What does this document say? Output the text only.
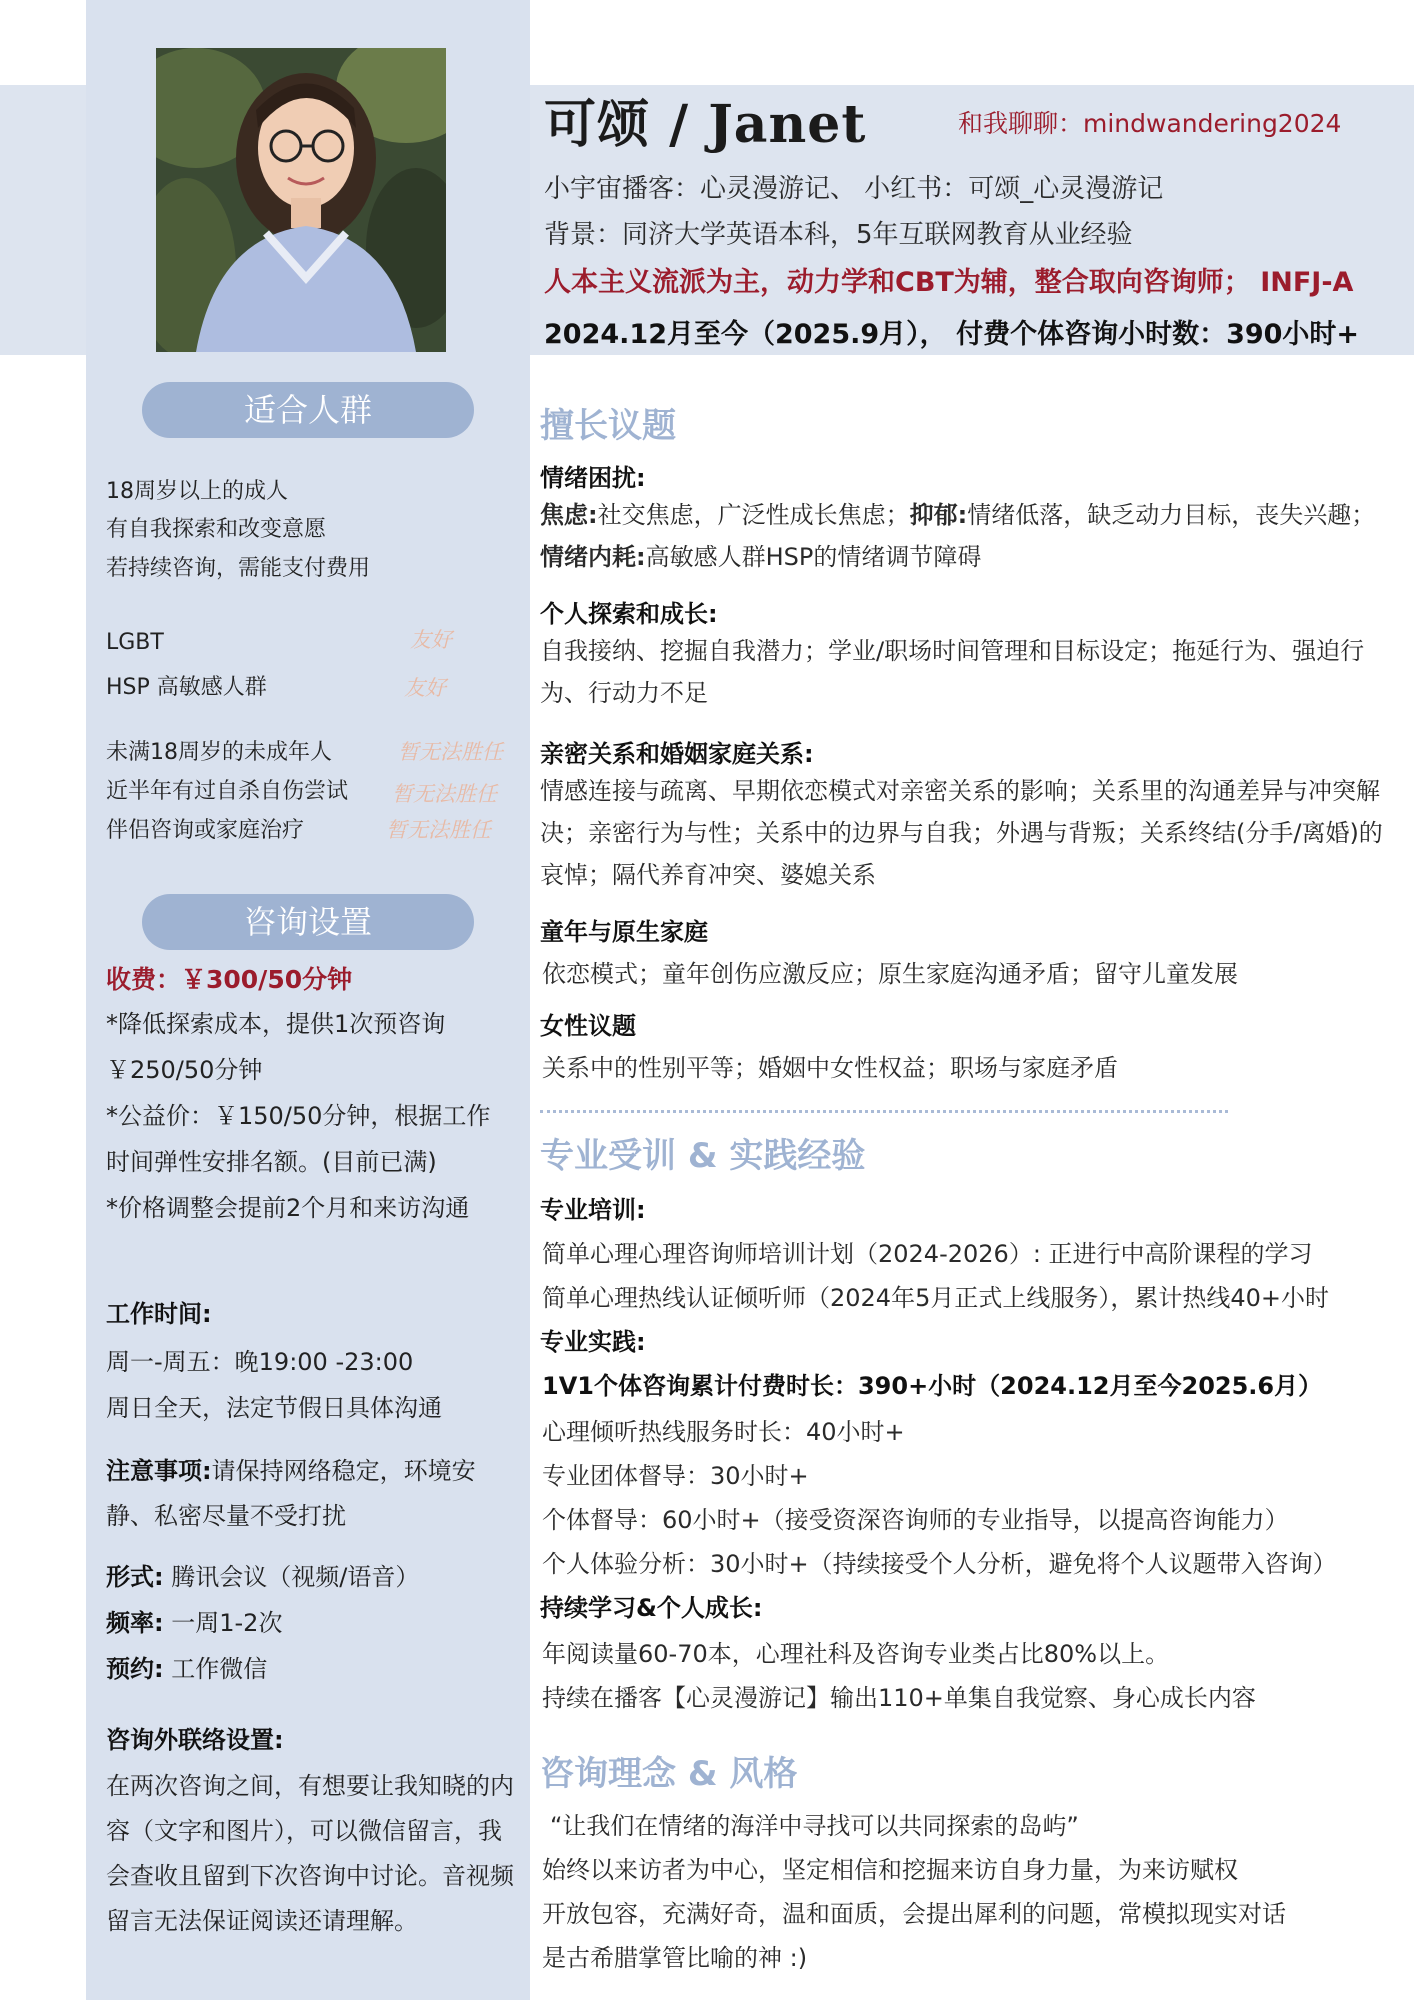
可颂 / Janet	和我聊聊：mindwandering2024
小宇宙播客：心灵漫游记、 小红书：可颂_心灵漫游记
背景：同济大学英语本科，5年互联网教育从业经验
人本主义流派为主，动力学和CBT为辅，整合取向咨询师； INFJ-A
2024.12月至今（2025.9月）， 付费个体咨询小时数：390小时+
适合人群
18周岁以上的成人
有自我探索和改变意愿
若持续咨询，需能支付费用
LGBT	友好
HSP 高敏感人群	友好
未满18周岁的未成年人	暂无法胜任
近半年有过自杀自伤尝试 暂无法胜任
伴侣咨询或家庭治疗	暂无法胜任
咨询设置
收费：￥300/50分钟
*降低探索成本，提供1次预咨询
￥250/50分钟
*公益价：￥150/50分钟，根据工作
时间弹性安排名额。(目前已满)
*价格调整会提前2个月和来访沟通
工作时间:
周一-周五：晚19:00 -23:00
周日全天，法定节假日具体沟通
注意事项:请保持网络稳定，环境安静、私密尽量不受打扰
形式: 腾讯会议（视频/语音）
频率: 一周1-2次
预约: 工作微信
咨询外联络设置:
在两次咨询之间，有想要让我知晓的内容（文字和图片），可以微信留言，我会查收且留到下次咨询中讨论。音视频留言无法保证阅读还请理解。
擅长议题
情绪困扰:
焦虑:社交焦虑，广泛性成长焦虑；抑郁:情绪低落，缺乏动力目标，丧失兴趣；情绪内耗:高敏感人群HSP的情绪调节障碍
个人探索和成长:
自我接纳、挖掘自我潜力；学业/职场时间管理和目标设定；拖延行为、强迫行为、行动力不足
亲密关系和婚姻家庭关系:
情感连接与疏离、早期依恋模式对亲密关系的影响；关系里的沟通差异与冲突解决；亲密行为与性；关系中的边界与自我；外遇与背叛；关系终结(分手/离婚)的哀悼；隔代养育冲突、婆媳关系
童年与原生家庭
依恋模式；童年创伤应激反应；原生家庭沟通矛盾；留守儿童发展
女性议题
关系中的性别平等；婚姻中女性权益；职场与家庭矛盾
专业受训 & 实践经验
专业培训:
简单心理心理咨询师培训计划（2024-2026）: 正进行中高阶课程的学习
简单心理热线认证倾听师（2024年5月正式上线服务），累计热线40+小时
专业实践:
1V1个体咨询累计付费时长：390+小时（2024.12月至今2025.6月）
心理倾听热线服务时长：40小时+
专业团体督导：30小时+
个体督导：60小时+（接受资深咨询师的专业指导，以提高咨询能力）
个人体验分析：30小时+（持续接受个人分析，避免将个人议题带入咨询）
持续学习&个人成长:
年阅读量60-70本，心理社科及咨询专业类占比80%以上。
持续在播客【心灵漫游记】输出110+单集自我觉察、身心成长内容
咨询理念 & 风格
“让我们在情绪的海洋中寻找可以共同探索的岛屿”
始终以来访者为中心，坚定相信和挖掘来访自身力量，为来访赋权
开放包容，充满好奇，温和面质，会提出犀利的问题，常模拟现实对话
是古希腊掌管比喻的神 :)
